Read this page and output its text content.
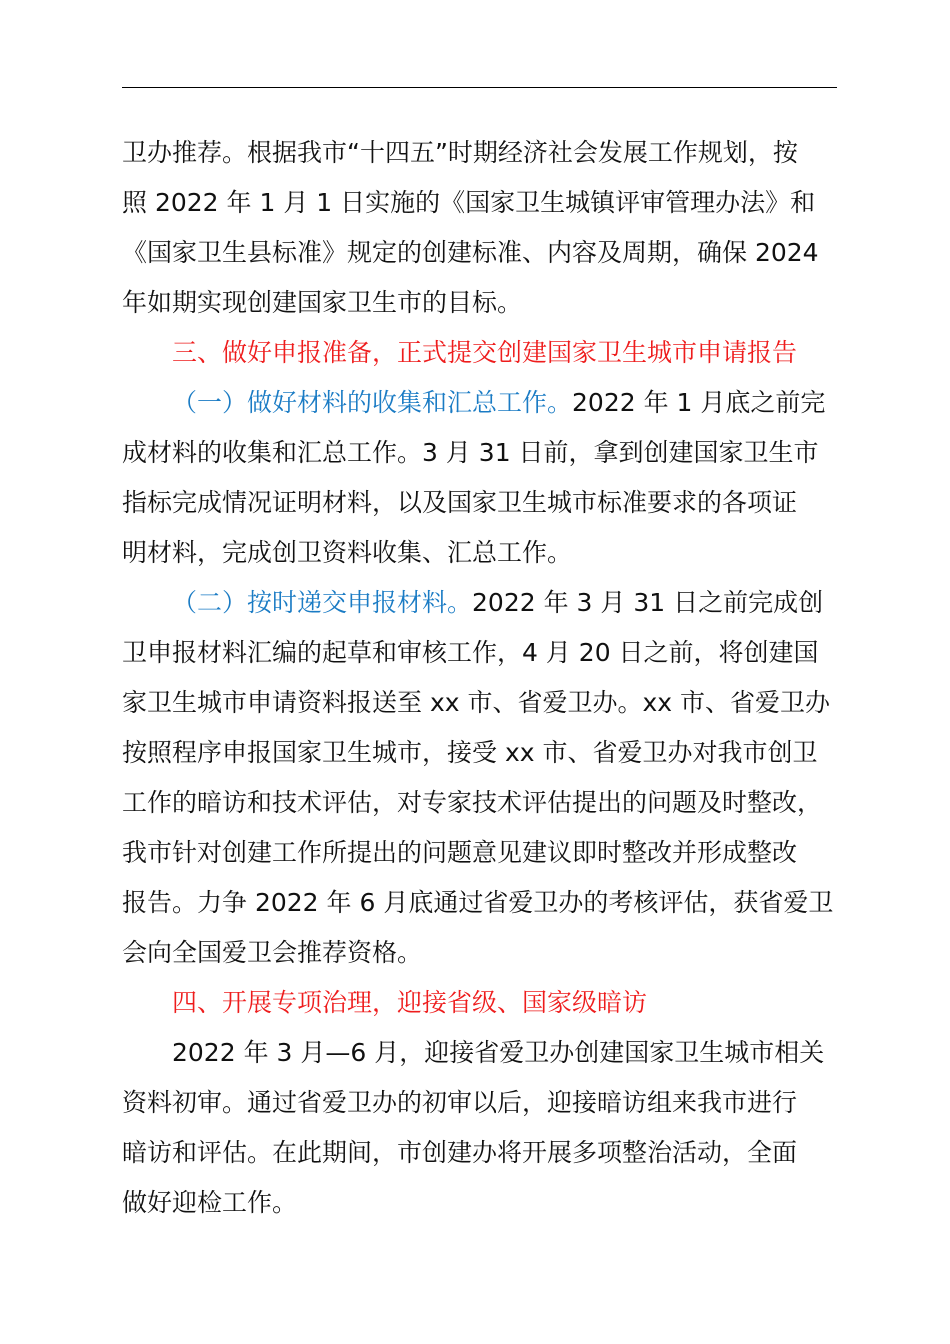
卫办推荐。根据我市“十四五”时期经济社会发展工作规划，按
照 2022 年 1 月 1 日实施的《国家卫生城镇评审管理办法》和
《国家卫生县标准》规定的创建标准、内容及周期，确保 2024
年如期实现创建国家卫生市的目标。
三、做好申报准备，正式提交创建国家卫生城市申请报告
（一）做好材料的收集和汇总工作。2022 年 1 月底之前完
成材料的收集和汇总工作。3 月 31 日前，拿到创建国家卫生市
指标完成情况证明材料，以及国家卫生城市标准要求的各项证
明材料，完成创卫资料收集、汇总工作。
（二）按时递交申报材料。2022 年 3 月 31 日之前完成创
卫申报材料汇编的起草和审核工作，4 月 20 日之前，将创建国
家卫生城市申请资料报送至 xx 市、省爱卫办。xx 市、省爱卫办
按照程序申报国家卫生城市，接受 xx 市、省爱卫办对我市创卫
工作的暗访和技术评估，对专家技术评估提出的问题及时整改，
我市针对创建工作所提出的问题意见建议即时整改并形成整改
报告。力争 2022 年 6 月底通过省爱卫办的考核评估，获省爱卫
会向全国爱卫会推荐资格。
四、开展专项治理，迎接省级、国家级暗访
2022 年 3 月—6 月，迎接省爱卫办创建国家卫生城市相关
资料初审。通过省爱卫办的初审以后，迎接暗访组来我市进行
暗访和评估。在此期间，市创建办将开展多项整治活动，全面
做好迎检工作。
